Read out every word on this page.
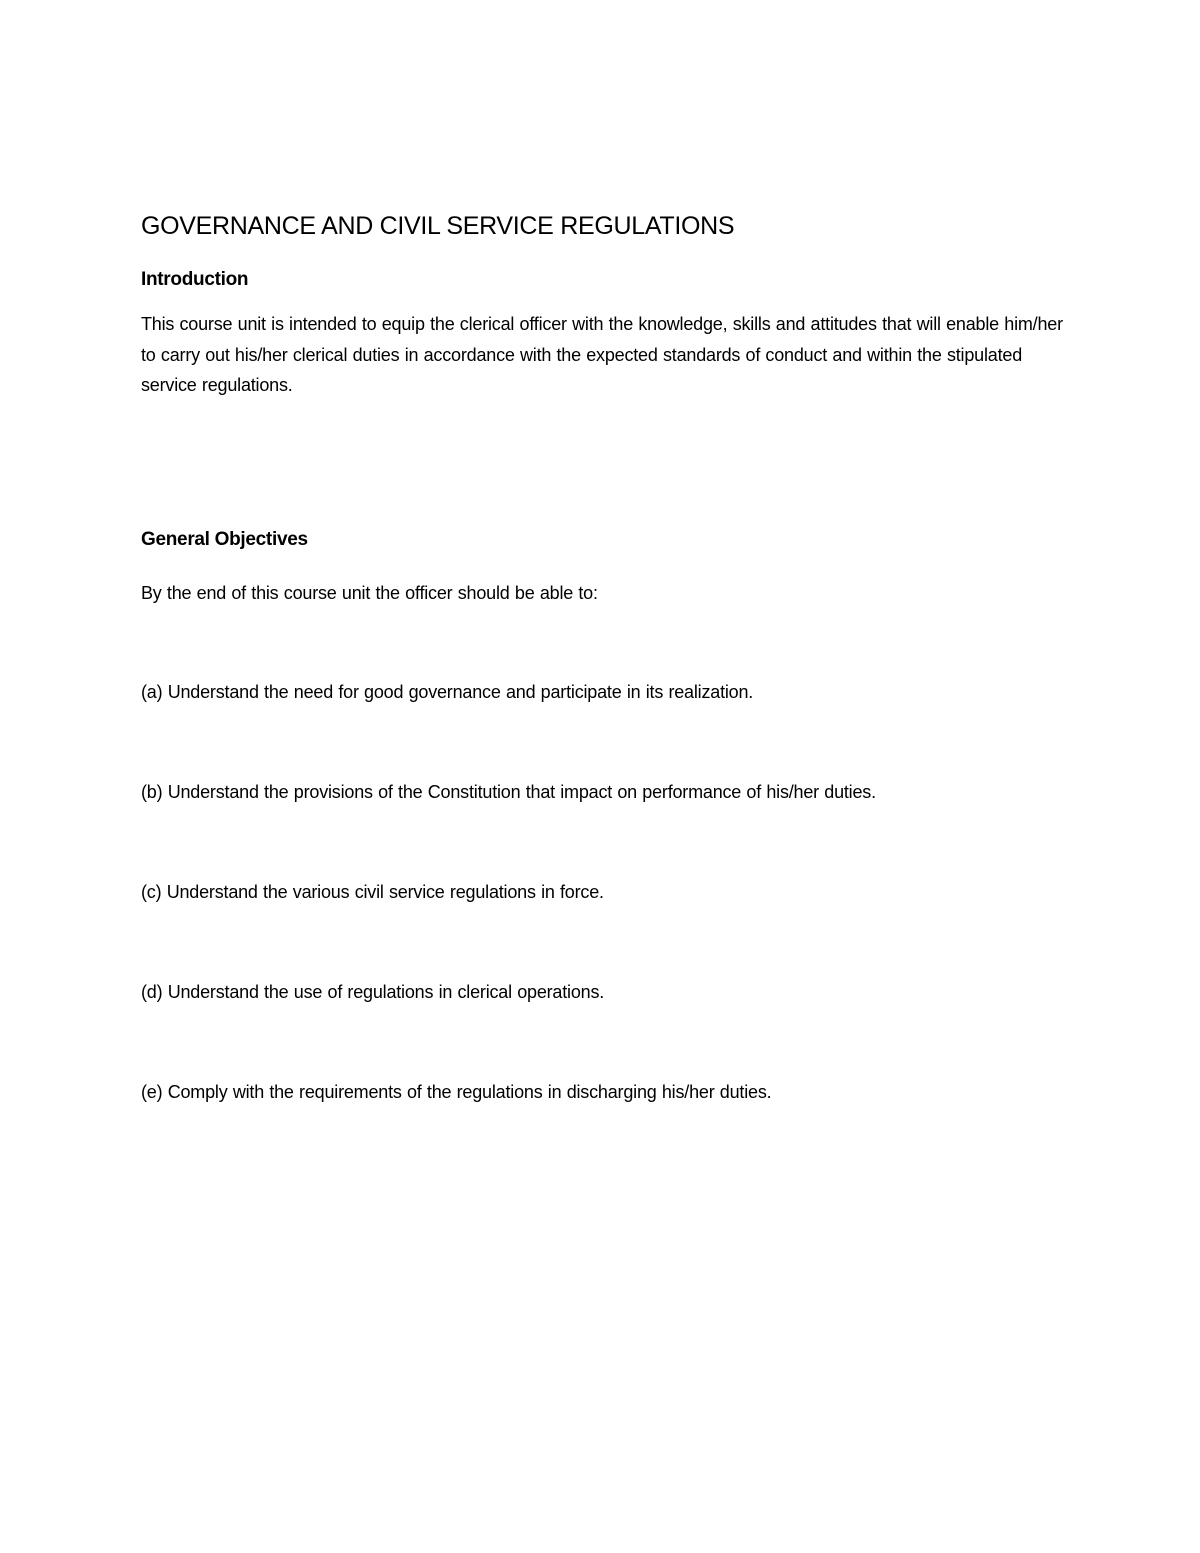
GOVERNANCE AND CIVIL SERVICE REGULATIONS
Introduction

This course unit is intended to equip the clerical officer with the knowledge, skills and attitudes that will enable him/her to carry out his/her clerical duties in accordance with the expected standards of conduct and within the stipulated service regulations.

General Objectives

By the end of this course unit the officer should be able to:

(a) Understand the need for good governance and participate in its realization.
(b) Understand the provisions of the Constitution that impact on performance of his/her duties.
(c) Understand the various civil service regulations in force.
(d) Understand the use of regulations in clerical operations.
(e) Comply with the requirements of the regulations in discharging his/her duties.
